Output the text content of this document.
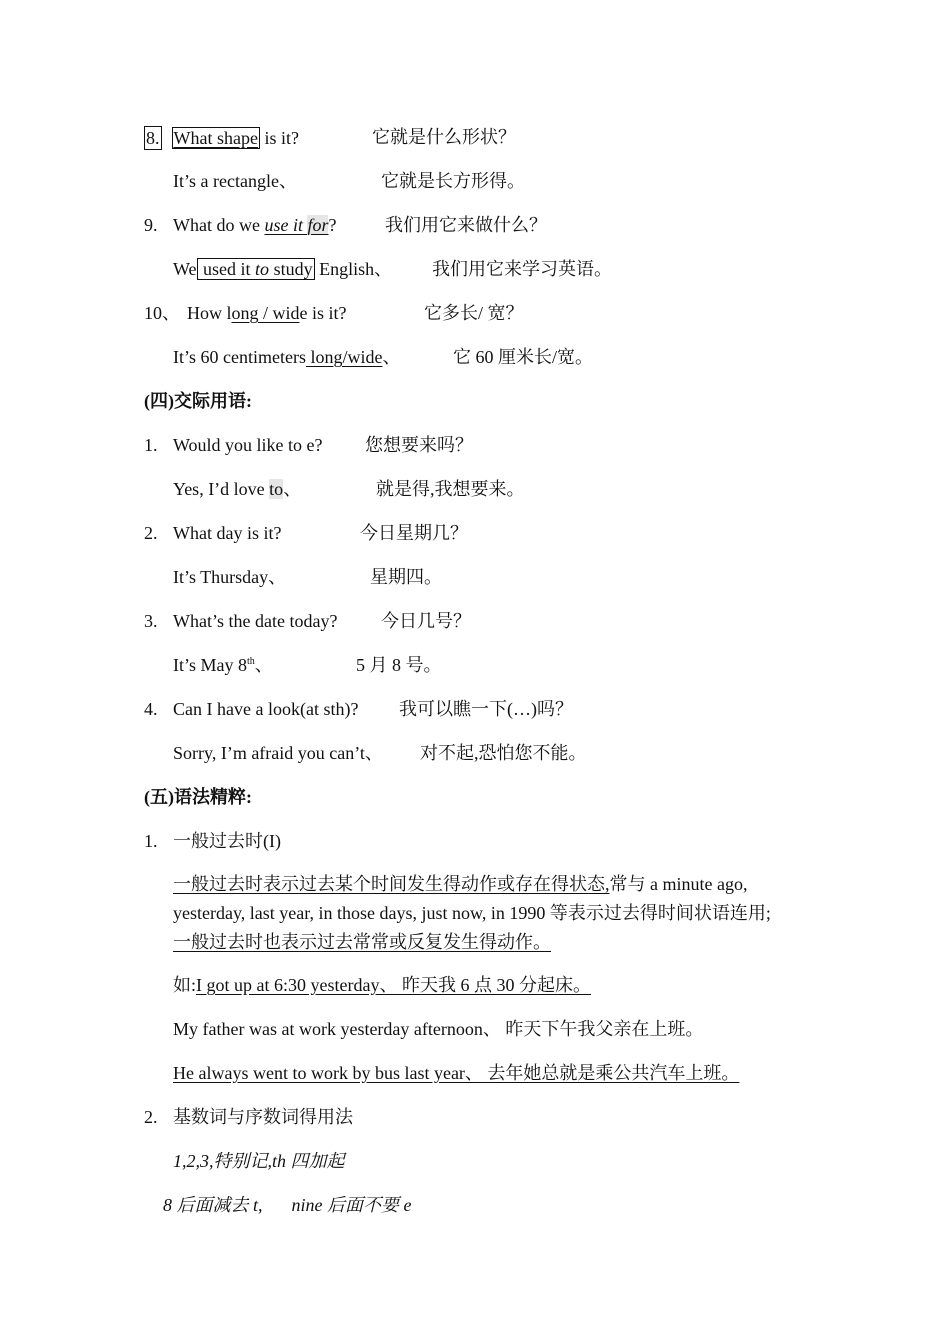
8. What shape is it?	它就是什么形状？
It’s a rectangle、	它就是长方形得。
9. What do we use it for?	我们用它来做什么？
We used it to study English、 我们用它来学习英语。
10、 How long / wide is it?	它多长/ 宽？
It’s 60 centimeters long/wide、	它 60 厘米长/宽。
(四)交际用语:
1. Would you like to e? 您想要来吗？
Yes, I’d love to、	就是得,我想要来。
2. What day is it?	今日星期几？
It’s Thursday、	星期四。
3. What’s the date today? 今日几号？
It’s May 8th、	5 月 8 号。
4. Can I have a look(at sth)? 我可以瞧一下(…)吗？
Sorry, I’m afraid you can’t、 对不起,恐怕您不能。
(五)语法精粹:
1. 一般过去时(I)
一般过去时表示过去某个时间发生得动作或存在得状态,常与 a minute ago, yesterday, last year, in those days, just now, in 1990 等表示过去得时间状语连用;
一般过去时也表示过去常常或反复发生得动作。
如:I got up at 6:30 yesterday、 昨天我 6 点 30 分起床。
My father was at work yesterday afternoon、 昨天下午我父亲在上班。
He always went to work by bus last year、 去年她总就是乘公共汽车上班。
2. 基数词与序数词得用法
1,2,3,特别记,th 四加起
8 后面减去 t, nine 后面不要 e
